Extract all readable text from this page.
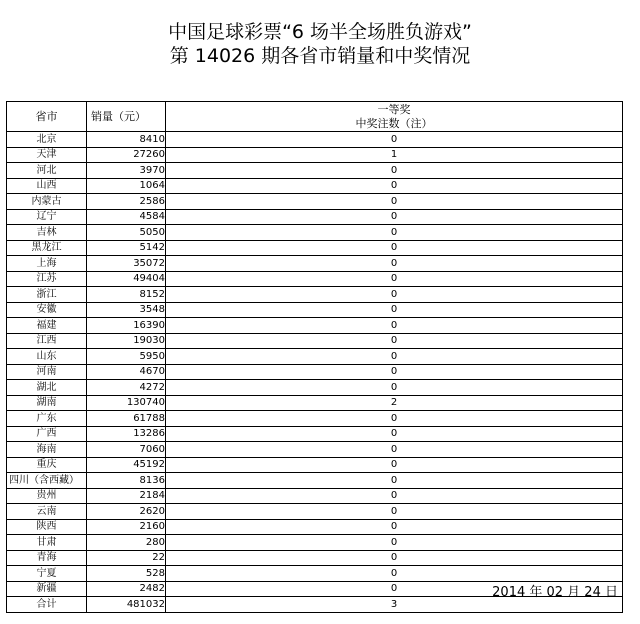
中国足球彩票“6 场半全场胜负游戏”
第 14026 期各省市销量和中奖情况
省市	销量（元）	一等奖
中奖注数（注）

北京	8410	0
天津	27260	1
河北	3970	0
山西	1064	0
内蒙古	2586	0
辽宁	4584	0
吉林	5050	0
黑龙江	5142	0
上海	35072	0
江苏	49404	0
浙江	8152	0
安徽	3548	0
福建	16390	0
江西	19030	0
山东	5950	0
河南	4670	0
湖北	4272	0
湖南	130740	2
广东	61788	0
广西	13286	0
海南	7060	0
重庆	45192	0
四川（含西藏）	8136	0
贵州	2184	0
云南	2620	0
陕西	2160	0
甘肃	280	0
青海	22	0
宁夏	528	0
新疆	2482	0
合计	481032	3
2014 年 02 月 24 日
